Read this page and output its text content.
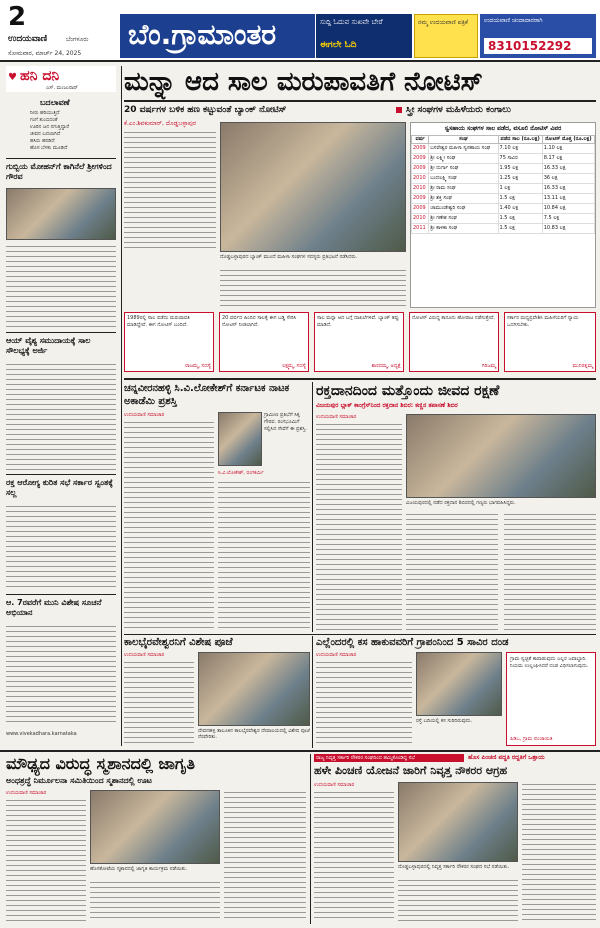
2
ಉದಯವಾಣಿ	ಬೆಂಗಳೂರು
ಸೋಮವಾರ, ಮಾರ್ಚ್ 24, 2025
ಬೆಂ.ಗ್ರಾಮಾಂತರ	ಸುದ್ದಿ ಓದುವ ಸುಖವೇ ಬೇರೆ
ಈಗಲೇ ಓದಿ
ನಮ್ಮ ಉದಯವಾಣಿ ಪತ್ರಿಕೆ	ಉದಯವಾಣಿ ಚಂದಾದಾರರಾಗಿ
8310152292
ಹನಿ ದನಿ
♥
ಎಸ್. ಮಂಜುನಾಥ್
ಬದಲಾವಣೆ
ನೀರು ಹರಿಯುತ್ತಿದೆ
ಗಂಗೆ ತುಂಬಿದಂತೆ
ಊರಿನ ಜನ ನಗುತ್ತಿದ್ದಾರೆ
ಜೀವನ ಬದಲಾಗಿದೆ
ಹಸಿರು ಹರಡಿದೆ
ಹೊಸ ಬೆಳಕು ಮೂಡಿದೆ
ಗುಬ್ಬಿಯ ಮೋಹನ್‌ಗೆ ಕಾಗಿನೆಲೆ ಶ್ರೀಗಳಿಂದ ಗೌರವ
ಆಯ್ ವೈಶ್ಯ ಸಮುದಾಯಕ್ಕೆ ಸಾಲ ಸೌಲಭ್ಯಕ್ಕೆ ಅರ್ಜಿ
ರಕ್ತ ಆರೋಗ್ಯ ಕುರಿತ ಸಭೆ ಸರ್ಕಾರ ಸ್ವಂತಕ್ಕೆ ಸಲ್ಲ
ಆ. 7ರವರೆಗೆ ಮುನಿ ವಿಶೇಷ ಸೂಚನೆ ಅಭಿಯಾನ
www.vivekadhara.karnataka
ಮನ್ನಾ ಆದ ಸಾಲ ಮರುಪಾವತಿಗೆ ನೋಟಿಸ್
20 ವರ್ಷಗಳ ಬಳಿಕ ಹಣ ಕಟ್ಟುವಂತೆ ಬ್ಯಾಂಕ್ ನೋಟಿಸ್	ಸ್ತ್ರೀ ಸಂಘಗಳ ಮಹಿಳೆಯರು ಕಂಗಾಲು
ಕೆ.ಎಂ.ಶಿವಕುಮಾರ್, ದೊಡ್ಡಬಳ್ಳಾಪುರ
ದೊಡ್ಡಬಳ್ಳಾಪುರದ ಬ್ಯಾಂಕ್ ಮುಂದೆ ಮಹಿಳಾ ಸಂಘಗಳ ಸದಸ್ಯರು ಪ್ರತಿಭಟನೆ ನಡೆಸಿದರು.
ಸ್ವಸಹಾಯ ಸಂಘಗಳ ಸಾಲ ಪಡೆದ, ವಸೂಲಿ ನೋಟಿಸ್ ವಿವರ
ವರ್ಷ	ಸಂಘ	ಪಡೆದ ಸಾಲ (ರೂ.ಲಕ್ಷ)	ನೋಟಿಸ್ ಮೊತ್ತ (ರೂ.ಲಕ್ಷ)
2009	ಬಸವೇಶ್ವರ ಮಹಿಳಾ ಸ್ವಸಹಾಯ ಸಂಘ	7.10 ಲಕ್ಷ	1.10 ಲಕ್ಷ
2009	ಶ್ರೀ ಲಕ್ಷ್ಮೀ ಸಂಘ	75 ಸಾವಿರ	8.17 ಲಕ್ಷ
2009	ಶ್ರೀ ದುರ್ಗಾ ಸಂಘ	1.95 ಲಕ್ಷ	16.33 ಲಕ್ಷ
2010	ಬಂದಲಕ್ಷ್ಮಿ ಸಂಘ	1.25 ಲಕ್ಷ	36 ಲಕ್ಷ
2010	ಶ್ರೀ ರಾಮ ಸಂಘ	1 ಲಕ್ಷ	16.33 ಲಕ್ಷ
2009	ಶ್ರೀ ಶಕ್ತಿ ಸಂಘ	1.5 ಲಕ್ಷ	13.11 ಲಕ್ಷ
2009	ಚಾಮುಂಡೇಶ್ವರಿ ಸಂಘ	1.40 ಲಕ್ಷ	10.84 ಲಕ್ಷ
2010	ಶ್ರೀ ಗಣೇಶ ಸಂಘ	1.5 ಲಕ್ಷ	7.5 ಲಕ್ಷ
2011	ಶ್ರೀ ಕಾಳಿಕಾ ಸಂಘ	1.5 ಲಕ್ಷ	10.83 ಲಕ್ಷ
1989ರಲ್ಲಿ ಸಾಲ ಪಡೆದು ಮರುಪಾವತಿ ಮಾಡಿದ್ದೇವೆ. ಈಗ ನೋಟಿಸ್ ಬಂದಿದೆ.
ರಾಜಮ್ಮ, ಸದಸ್ಯೆ
20 ವರ್ಷದ ಹಿಂದಿನ ಸಾಲಕ್ಕೆ ಈಗ ಬಡ್ಡಿ ಸೇರಿಸಿ ನೋಟಿಸ್ ನೀಡಲಾಗಿದೆ.
ಲಕ್ಷ್ಮಮ್ಮ, ಸದಸ್ಯೆ
ಸಾಲ ಮನ್ನಾ ಆದ ಬಗ್ಗೆ ದಾಖಲೆಗಳಿವೆ. ಬ್ಯಾಂಕ್ ತಪ್ಪು ಮಾಡಿದೆ.
ಶಾರದಮ್ಮ, ಅಧ್ಯಕ್ಷೆ
ನೋಟಿಸ್ ವಿರುದ್ಧ ಕಾನೂನು ಹೋರಾಟ ನಡೆಸುತ್ತೇವೆ.
ಗಿರಿಜಮ್ಮ
ಸರ್ಕಾರ ಮಧ್ಯಪ್ರವೇಶಿಸಿ ಮಹಿಳೆಯರಿಗೆ ನ್ಯಾಯ ಒದಗಿಸಬೇಕು.
ಮುನಿರತ್ನಮ್ಮ
ಚನ್ನವೀರನಹಳ್ಳಿ ಸಿ.ವಿ.ಲೋಕೇಶ್‌ಗೆ ಕರ್ನಾಟಕ ನಾಟಕ ಅಕಾಡೆಮಿ ಪ್ರಶಸ್ತಿ
ಉದಯವಾಣಿ ಸಮಾಚಾರ	ಗ್ರಾಮೀಣ ಪ್ರತಿಭೆಗೆ ಸಿಕ್ಕ ಗೌರವ. ರಂಗಭೂಮಿಗೆ ಸಲ್ಲಿಸಿದ ಸೇವೆಗೆ ಈ ಪ್ರಶಸ್ತಿ.
ಸಿ.ವಿ.ಲೋಕೇಶ್, ರಂಗಕರ್ಮಿ
ರಕ್ತದಾನದಿಂದ ಮತ್ತೊಂದು ಜೀವದ ರಕ್ಷಣೆ
ವಿಜಯಪುರ ಬ್ಲಾಕ್ ಕಾಂಗ್ರೆಸ್‌ನಿಂದ ರಕ್ತದಾನ ಶಿಬಿರ: ಕಣ್ಣಿನ ತಪಾಸಣೆ ಶಿಬಿರ
ಉದಯವಾಣಿ ಸಮಾಚಾರ
ವಿಜಯಪುರದಲ್ಲಿ ನಡೆದ ರಕ್ತದಾನ ಶಿಬಿರದಲ್ಲಿ ಗಣ್ಯರು ಭಾಗವಹಿಸಿದ್ದರು.
ಕಾಲಭೈರವೇಶ್ವರನಿಗೆ ವಿಶೇಷ ಪೂಜೆ
ಉದಯವಾಣಿ ಸಮಾಚಾರ
ದೇವನಹಳ್ಳಿ ತಾಲೂಕಿನ ಕಾಲಭೈರವೇಶ್ವರ ದೇವಾಲಯದಲ್ಲಿ ವಿಶೇಷ ಪೂಜೆ ನೆರವೇರಿತು.
ಎಲ್ಲೆಂದರಲ್ಲಿ ಕಸ ಹಾಕುವವರಿಗೆ ಗ್ರಾಪಂನಿಂದ 5 ಸಾವಿರ ದಂಡ
ಉದಯವಾಣಿ ಸಮಾಚಾರ
ರಸ್ತೆ ಬದಿಯಲ್ಲಿ ಕಸ ಸುರಿದಿರುವುದು.
ಗ್ರಾಮ ಸ್ವಚ್ಛತೆ ಕಾಪಾಡುವುದು ಎಲ್ಲರ ಜವಾಬ್ದಾರಿ. ನಿಯಮ ಉಲ್ಲಂಘಿಸಿದರೆ ದಂಡ ವಿಧಿಸಲಾಗುವುದು.
ಪಿಡಿಒ, ಗ್ರಾಮ ಪಂಚಾಯಿತಿ
ಮೌಢ್ಯದ ವಿರುದ್ಧ ಸ್ಮಶಾನದಲ್ಲಿ ಜಾಗೃತಿ
ಅಂಧಶ್ರದ್ಧೆ ನಿರ್ಮೂಲನಾ ಸಮಿತಿಯಿಂದ ಸ್ಮಶಾನದಲ್ಲಿ ಊಟ
ಉದಯವಾಣಿ ಸಮಾಚಾರ
ಹೊಸಕೋಟೆಯ ಸ್ಮಶಾನದಲ್ಲಿ ಜಾಗೃತಿ ಕಾರ್ಯಕ್ರಮ ನಡೆಯಿತು.
ರಾಜ್ಯ ನಿವೃತ್ತ ಸರ್ಕಾರಿ ನೌಕರರ ಸಂಘದಿಂದ ಹಮ್ಮಿಕೊಂಡಿದ್ದ ಸಭೆ	ಹೊಸ ಪಿಂಚಣಿ ಪದ್ಧತಿ ರದ್ದತಿಗೆ ಒತ್ತಾಯ
ಹಳೇ ಪಿಂಚಣಿ ಯೋಜನೆ ಜಾರಿಗೆ ನಿವೃತ್ತ ನೌಕರರ ಆಗ್ರಹ
ಉದಯವಾಣಿ ಸಮಾಚಾರ
ದೊಡ್ಡಬಳ್ಳಾಪುರದಲ್ಲಿ ನಿವೃತ್ತ ಸರ್ಕಾರಿ ನೌಕರರ ಸಂಘದ ಸಭೆ ನಡೆಯಿತು.
